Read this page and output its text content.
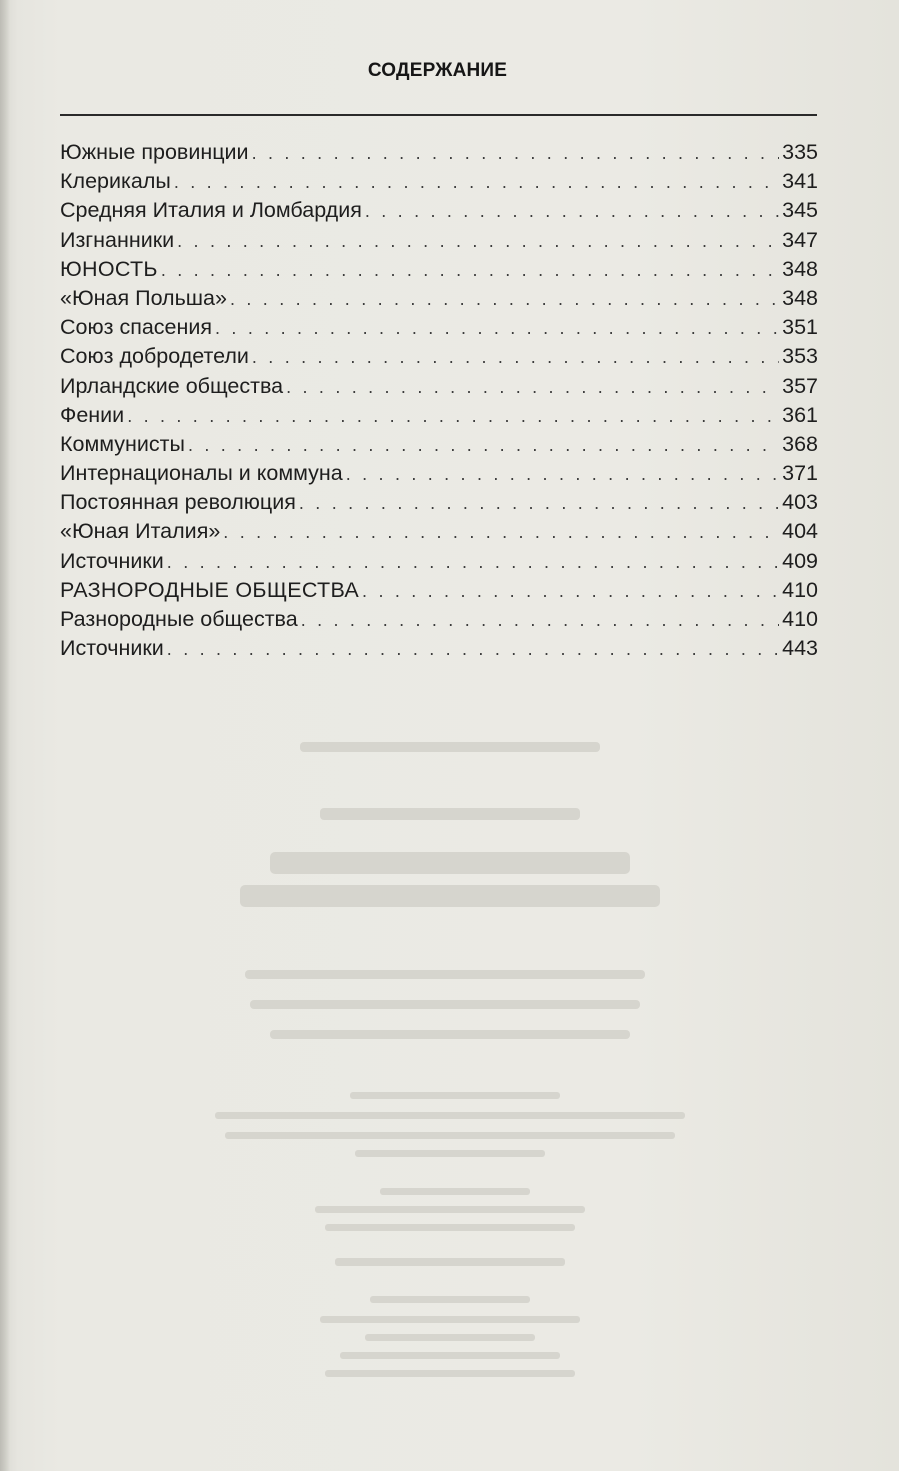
СОДЕРЖАНИЕ
Южные провинции . . .	335
Клерикалы . . .	341
Средняя Италия и Ломбардия . . .	345
Изгнанники . . .	347
ЮНОСТЬ . . .	348
«Юная Польша» . . .	348
Союз спасения . . .	351
Союз добродетели . . .	353
Ирландские общества . . .	357
Фении . . .	361
Коммунисты . . .	368
Интернационалы и коммуна . . .	371
Постоянная революция . . .	403
«Юная Италия» . . .	404
Источники . . .	409
РАЗНОРОДНЫЕ ОБЩЕСТВА . . .	410
Разнородные общества . . .	410
Источники . . .	443
